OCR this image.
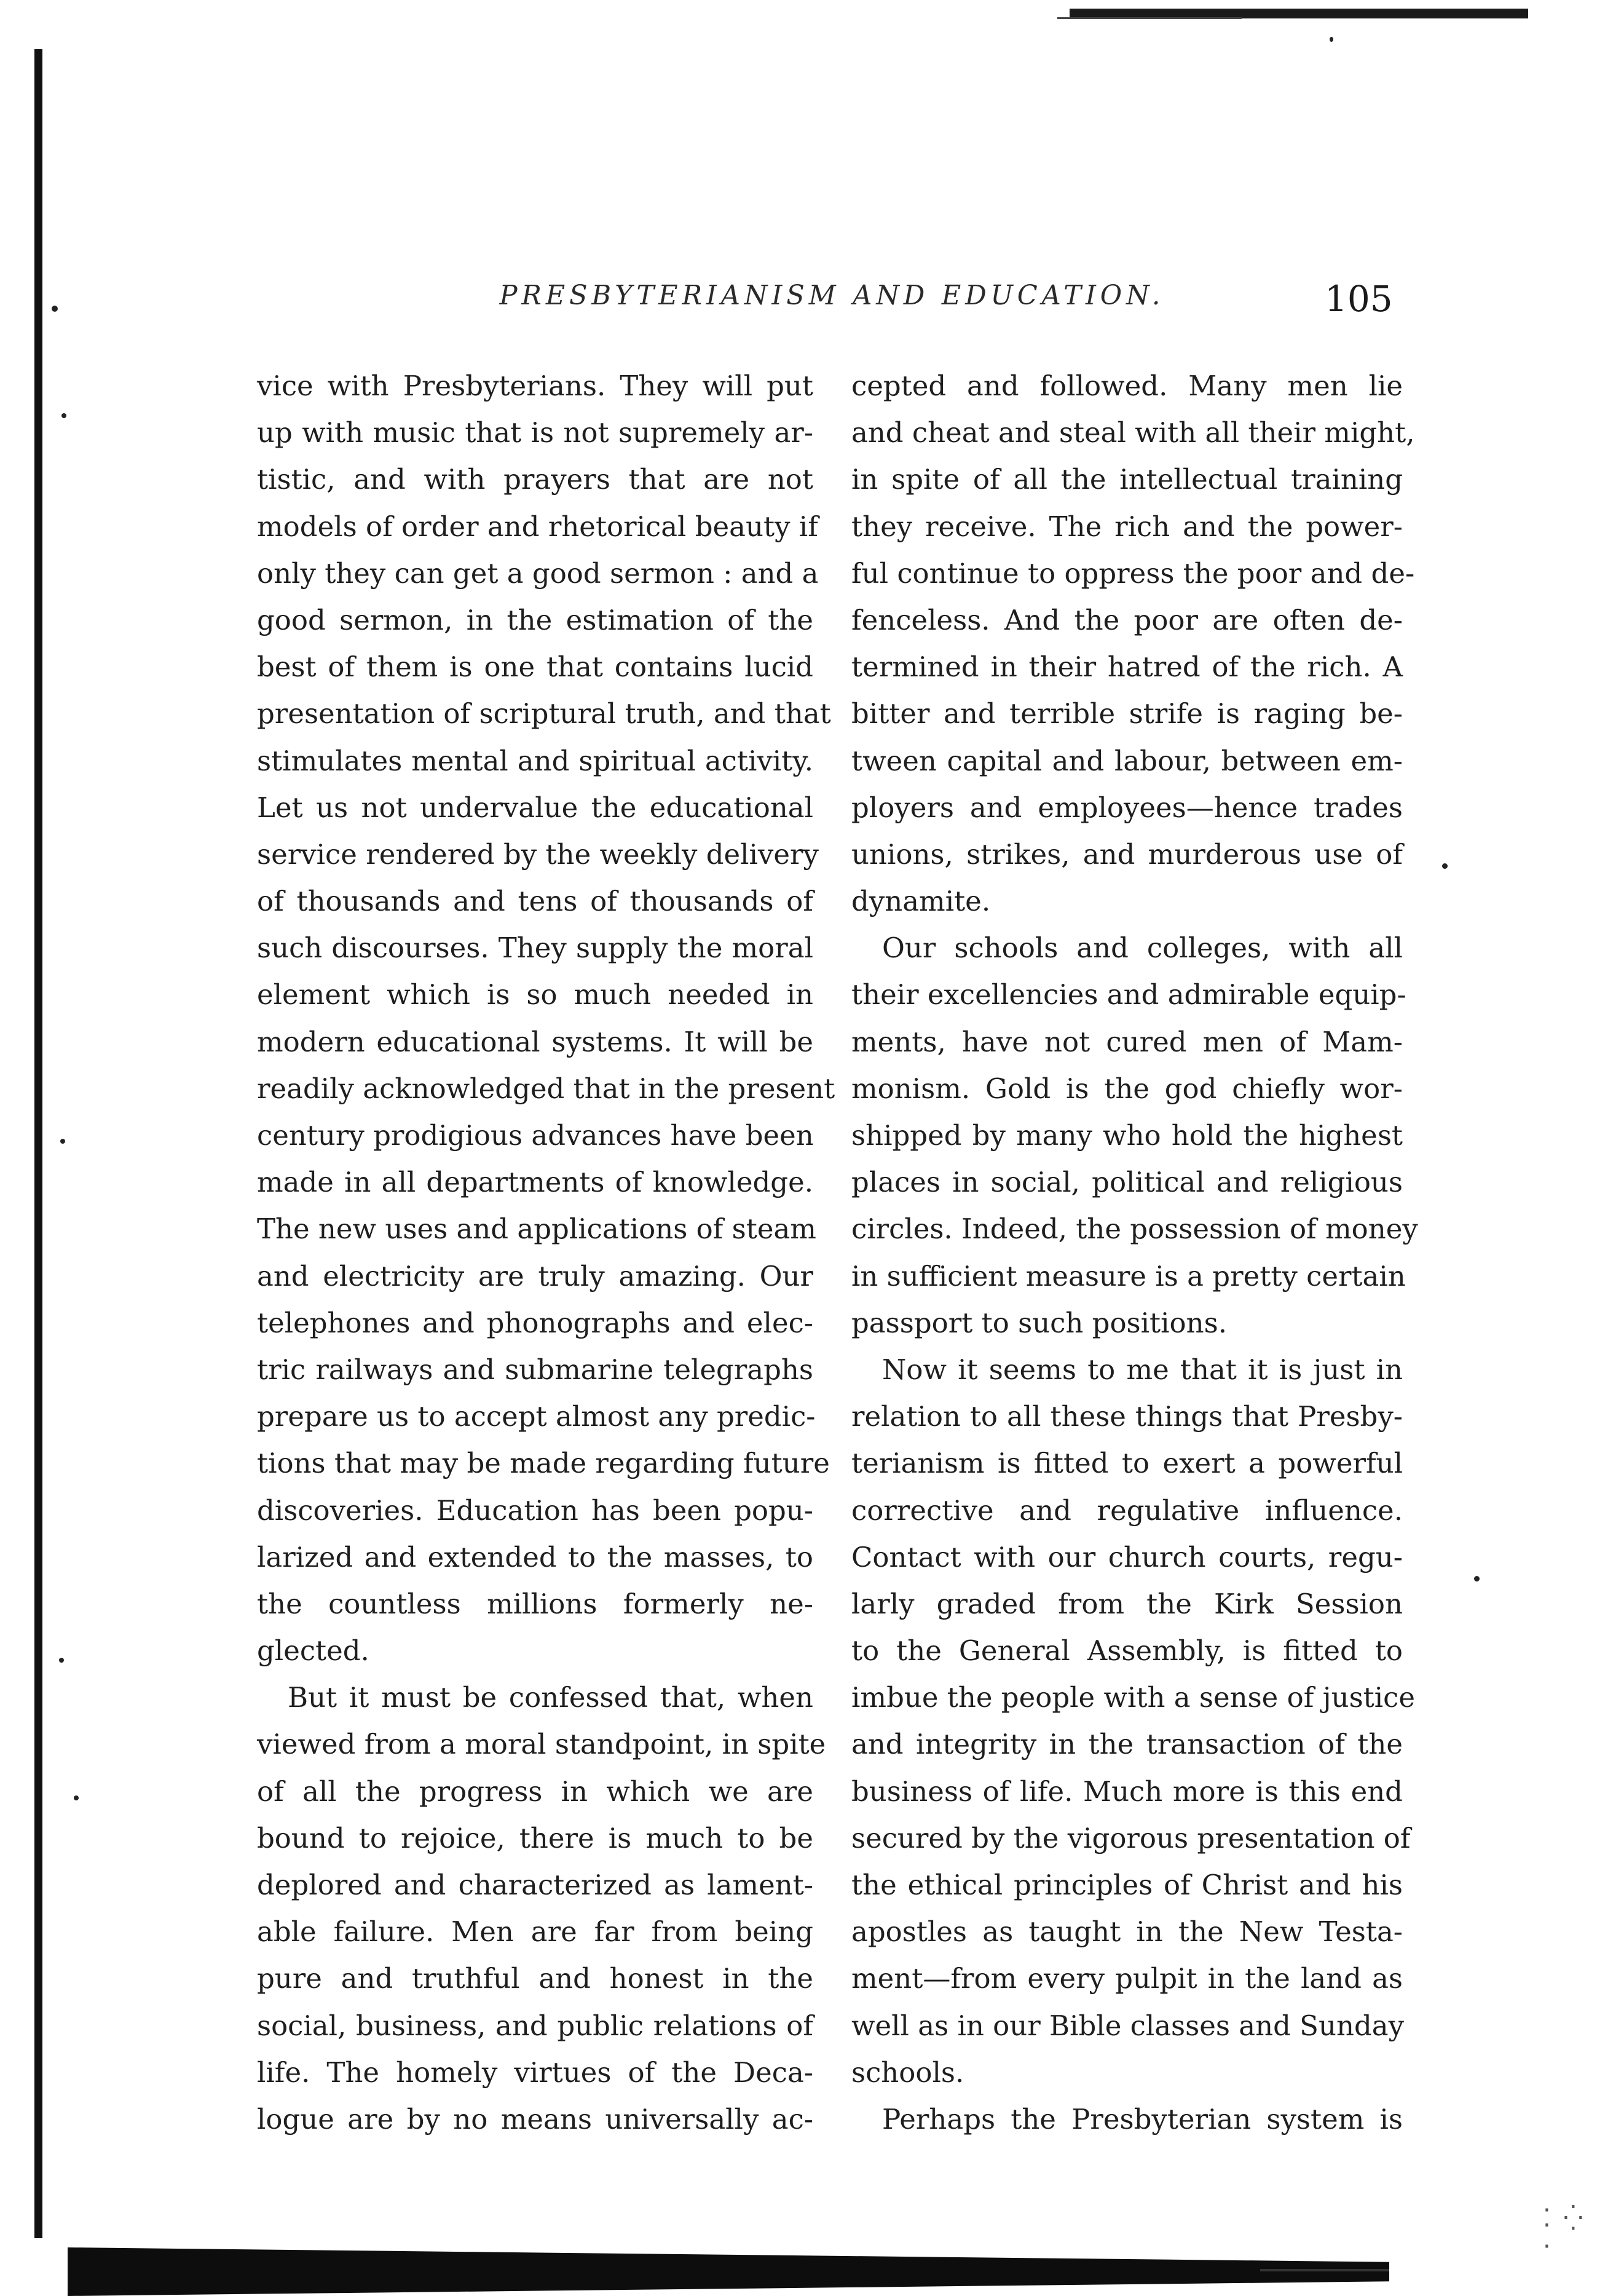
⁚ ⁛ ·
PRESBYTERIANISM AND EDUCATION.	105
vice with Presbyterians. They will put
up with music that is not supremely ar-
tistic, and with prayers that are not
models of order and rhetorical beauty if
only they can get a good sermon : and a
good sermon, in the estimation of the
best of them is one that contains lucid
presentation of scriptural truth, and that
stimulates mental and spiritual activity.
Let us not undervalue the educational
service rendered by the weekly delivery
of thousands and tens of thousands of
such discourses. They supply the moral
element which is so much needed in
modern educational systems. It will be
readily acknowledged that in the present
century prodigious advances have been
made in all departments of knowledge.
The new uses and applications of steam
and electricity are truly amazing. Our
telephones and phonographs and elec-
tric railways and submarine telegraphs
prepare us to accept almost any predic-
tions that may be made regarding future
discoveries. Education has been popu-
larized and extended to the masses, to
the countless millions formerly ne-
glected.
But it must be confessed that, when
viewed from a moral standpoint, in spite
of all the progress in which we are
bound to rejoice, there is much to be
deplored and characterized as lament-
able failure. Men are far from being
pure and truthful and honest in the
social, business, and public relations of
life. The homely virtues of the Deca-
logue are by no means universally ac-
cepted and followed. Many men lie
and cheat and steal with all their might,
in spite of all the intellectual training
they receive. The rich and the power-
ful continue to oppress the poor and de-
fenceless. And the poor are often de-
termined in their hatred of the rich. A
bitter and terrible strife is raging be-
tween capital and labour, between em-
ployers and employees—hence trades
unions, strikes, and murderous use of
dynamite.
Our schools and colleges, with all
their excellencies and admirable equip-
ments, have not cured men of Mam-
monism. Gold is the god chiefly wor-
shipped by many who hold the highest
places in social, political and religious
circles. Indeed, the possession of money
in sufficient measure is a pretty certain
passport to such positions.
Now it seems to me that it is just in
relation to all these things that Presby-
terianism is fitted to exert a powerful
corrective and regulative influence.
Contact with our church courts, regu-
larly graded from the Kirk Session
to the General Assembly, is fitted to
imbue the people with a sense of justice
and integrity in the transaction of the
business of life. Much more is this end
secured by the vigorous presentation of
the ethical principles of Christ and his
apostles as taught in the New Testa-
ment—from every pulpit in the land as
well as in our Bible classes and Sunday
schools.
Perhaps the Presbyterian system is
